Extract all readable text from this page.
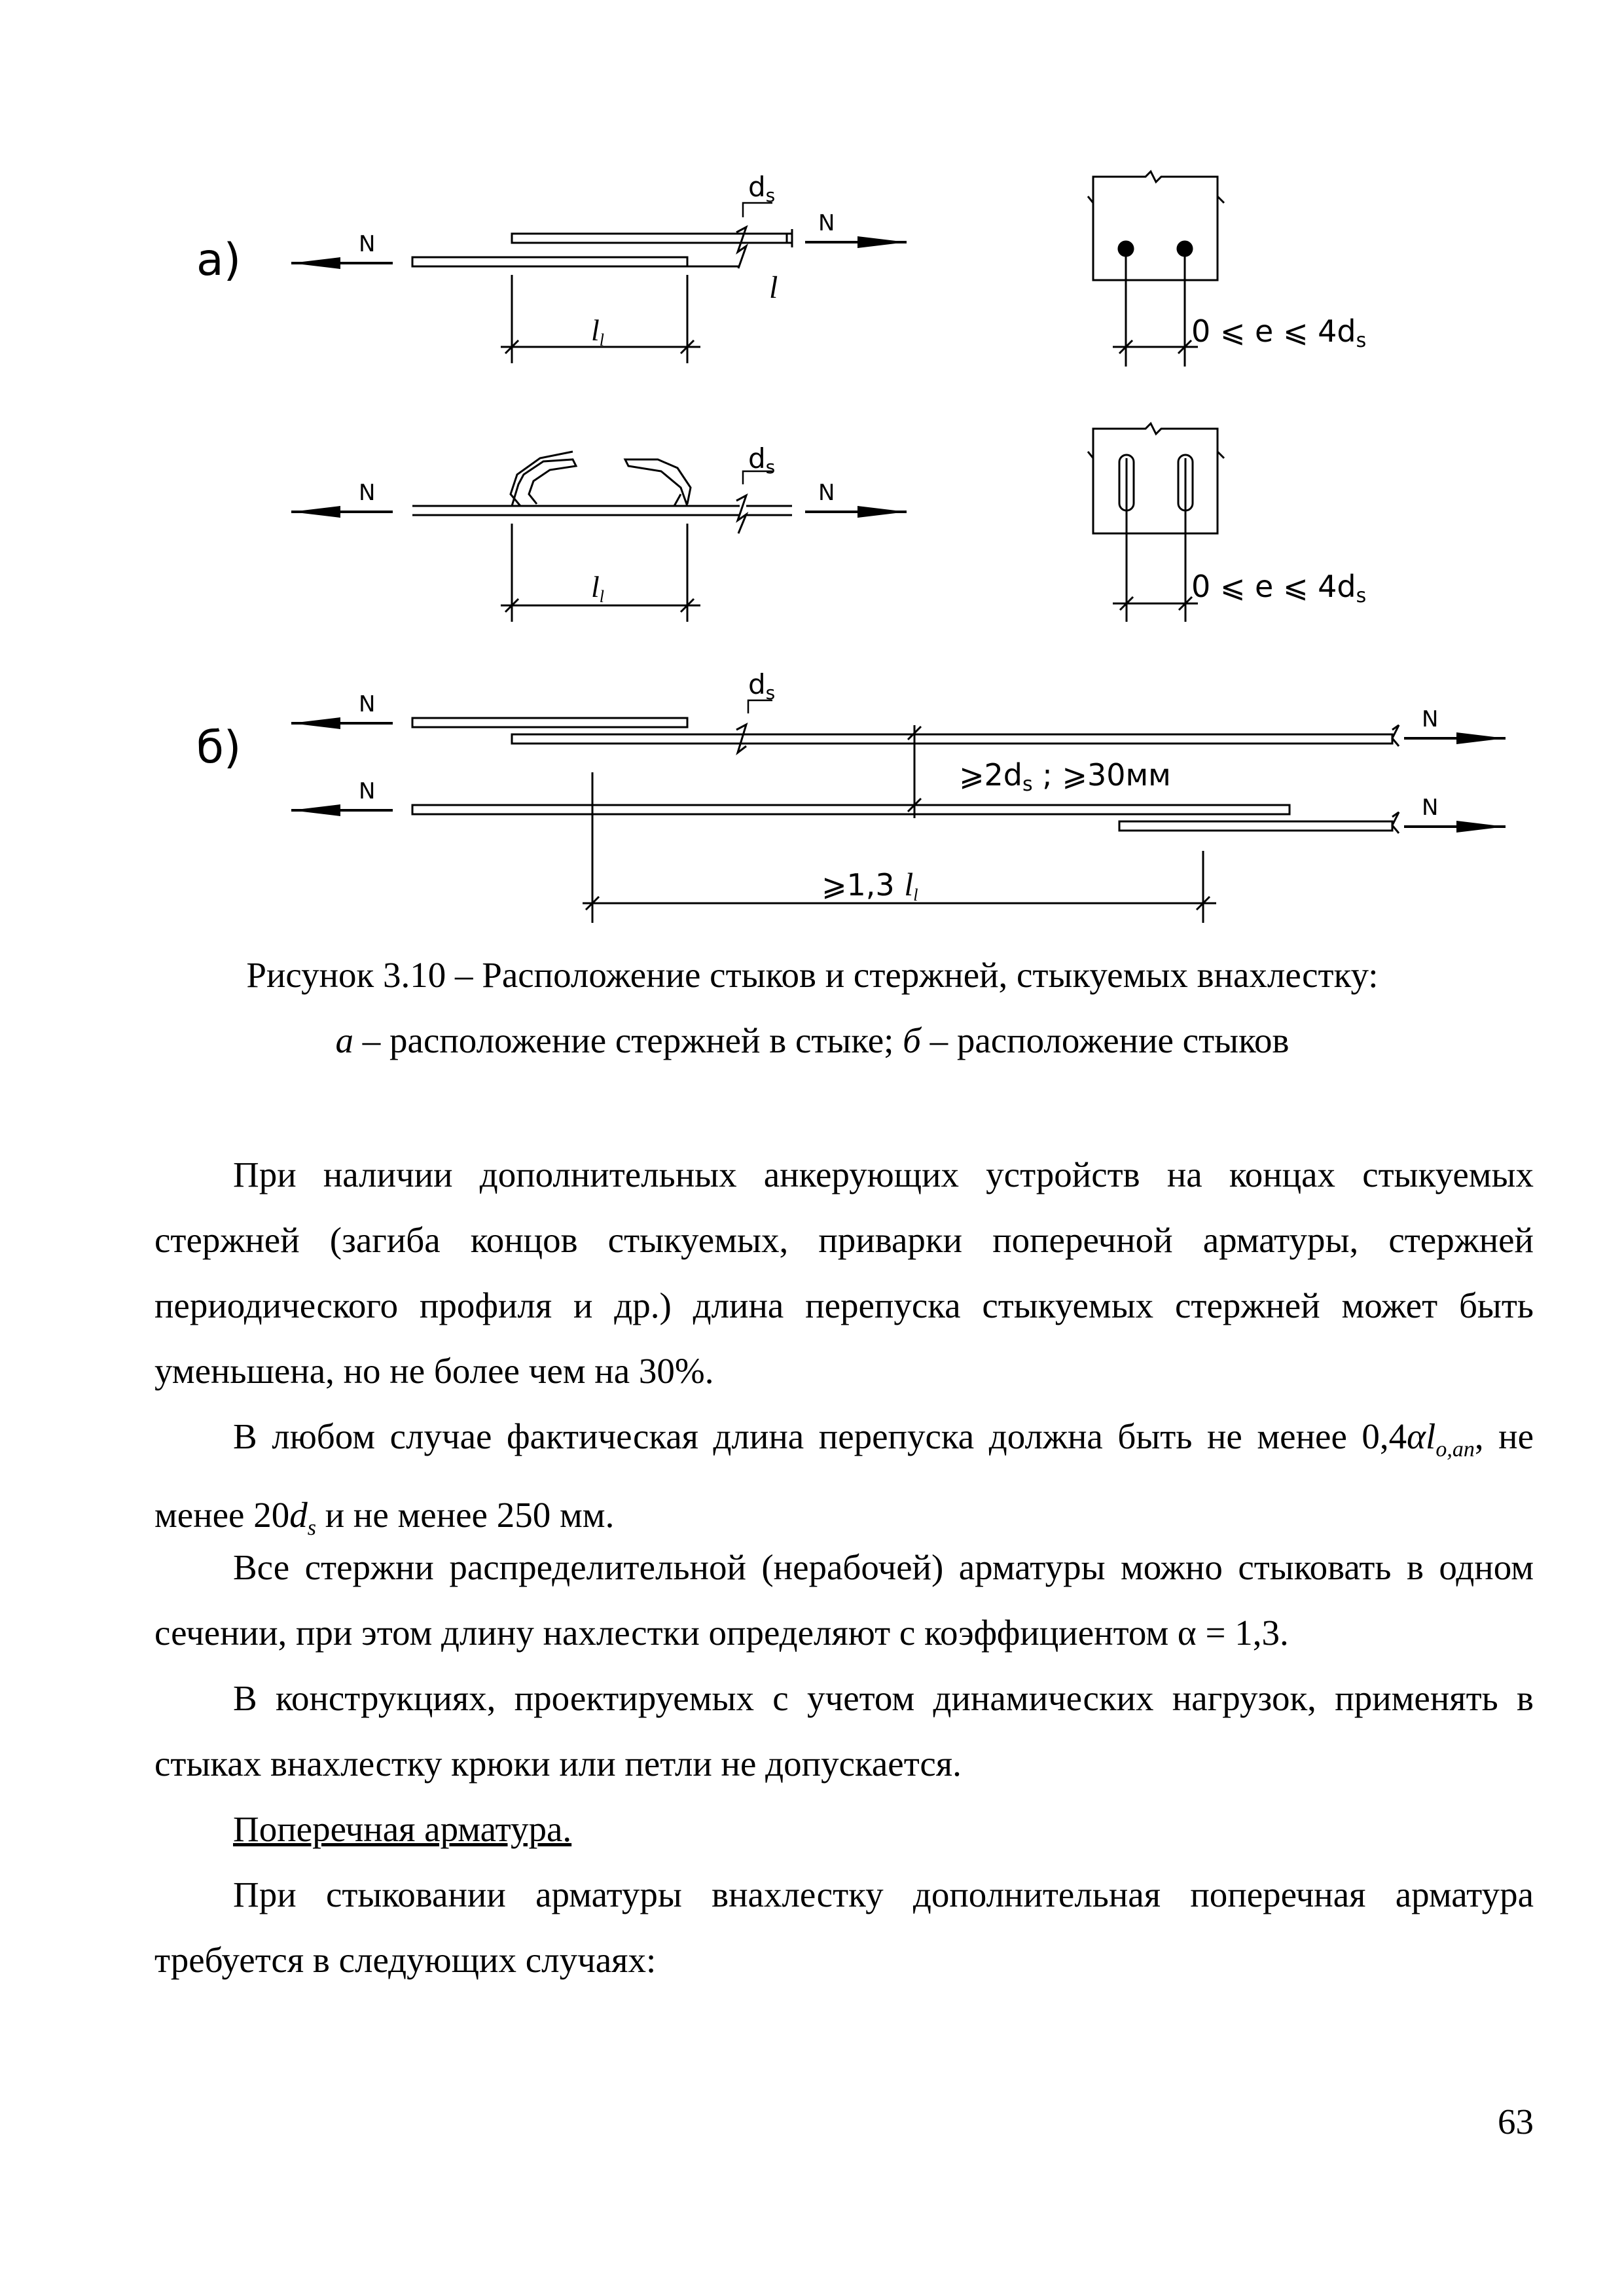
а)	N
ds
l
N
ll	0 ⩽ e ⩽ 4ds
N
ds
N
ll	0 ⩽ e ⩽ 4ds
б)
N
ds
N
⩾2ds ; ⩾30мм
N
N
⩾1,3 ll
Рисунок 3.10 – Расположение стыков и стержней, стыкуемых внахлестку:
а – расположение стержней в стыке; б – расположение стыков

При наличии дополнительных анкерующих устройств на концах стыкуемых стержней (загиба концов стыкуемых, приварки поперечной арматуры, стержней периодического профиля и др.) длина перепуска стыкуемых стержней может быть уменьшена, но не более чем на 30%.

В любом случае фактическая длина перепуска должна быть не менее $0,4\alpha l_{o,an}$, не менее $20d_s$ и не менее 250 мм.

Все стержни распределительной (нерабочей) арматуры можно стыковать в одном сечении, при этом длину нахлестки определяют с коэффициентом α = 1,3.

В конструкциях, проектируемых с учетом динамических нагрузок, применять в стыках внахлестку крюки или петли не допускается.

Поперечная арматура.

При стыковании арматуры внахлестку дополнительная поперечная арматура требуется в следующих случаях:

63
